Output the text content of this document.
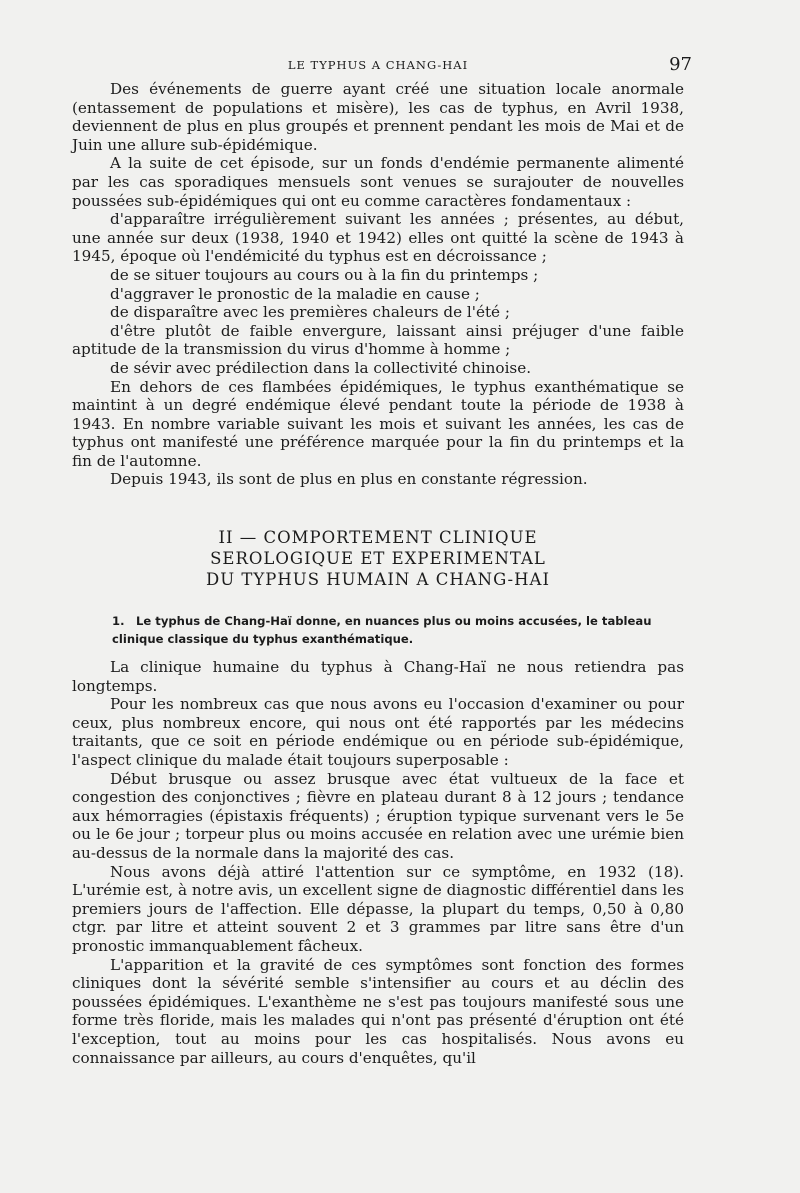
LE TYPHUS A CHANG-HAI	97

Des événements de guerre ayant créé une situation locale anormale (entassement de populations et misère), les cas de typhus, en Avril 1938, deviennent de plus en plus groupés et prennent pendant les mois de Mai et de Juin une allure sub-épidémique.

A la suite de cet épisode, sur un fonds d'endémie permanente alimenté par les cas sporadiques mensuels sont venues se surajouter de nouvelles poussées sub-épidémiques qui ont eu comme caractères fondamentaux :

d'apparaître irrégulièrement suivant les années ; présentes, au début, une année sur deux (1938, 1940 et 1942) elles ont quitté la scène de 1943 à 1945, époque où l'endémicité du typhus est en décroissance ;

de se situer toujours au cours ou à la fin du printemps ;

d'aggraver le pronostic de la maladie en cause ;

de disparaître avec les premières chaleurs de l'été ;

d'être plutôt de faible envergure, laissant ainsi préjuger d'une faible aptitude de la transmission du virus d'homme à homme ;

de sévir avec prédilection dans la collectivité chinoise.

En dehors de ces flambées épidémiques, le typhus exanthématique se maintint à un degré endémique élevé pendant toute la période de 1938 à 1943. En nombre variable suivant les mois et suivant les années, les cas de typhus ont manifesté une préférence marquée pour la fin du printemps et la fin de l'automne.

Depuis 1943, ils sont de plus en plus en constante régression.

II — COMPORTEMENT CLINIQUE
SEROLOGIQUE ET EXPERIMENTAL
DU TYPHUS HUMAIN A CHANG-HAI
1. Le typhus de Chang-Haï donne, en nuances plus ou moins accusées, le tableau clinique classique du typhus exanthématique.

La clinique humaine du typhus à Chang-Haï ne nous retiendra pas longtemps.

Pour les nombreux cas que nous avons eu l'occasion d'examiner ou pour ceux, plus nombreux encore, qui nous ont été rapportés par les médecins traitants, que ce soit en période endémique ou en période sub-épidémique, l'aspect clinique du malade était toujours superposable :

Début brusque ou assez brusque avec état vultueux de la face et congestion des conjonctives ; fièvre en plateau durant 8 à 12 jours ; tendance aux hémorragies (épistaxis fréquents) ; éruption typique survenant vers le 5e ou le 6e jour ; torpeur plus ou moins accusée en relation avec une urémie bien au-dessus de la normale dans la majorité des cas.

Nous avons déjà attiré l'attention sur ce symptôme, en 1932 (18). L'urémie est, à notre avis, un excellent signe de diagnostic différentiel dans les premiers jours de l'affection. Elle dépasse, la plupart du temps, 0,50 à 0,80 ctgr. par litre et atteint souvent 2 et 3 grammes par litre sans être d'un pronostic immanquablement fâcheux.

L'apparition et la gravité de ces symptômes sont fonction des formes cliniques dont la sévérité semble s'intensifier au cours et au déclin des poussées épidémiques. L'exanthème ne s'est pas toujours manifesté sous une forme très floride, mais les malades qui n'ont pas présenté d'éruption ont été l'exception, tout au moins pour les cas hospitalisés. Nous avons eu connaissance par ailleurs, au cours d'enquêtes, qu'il
